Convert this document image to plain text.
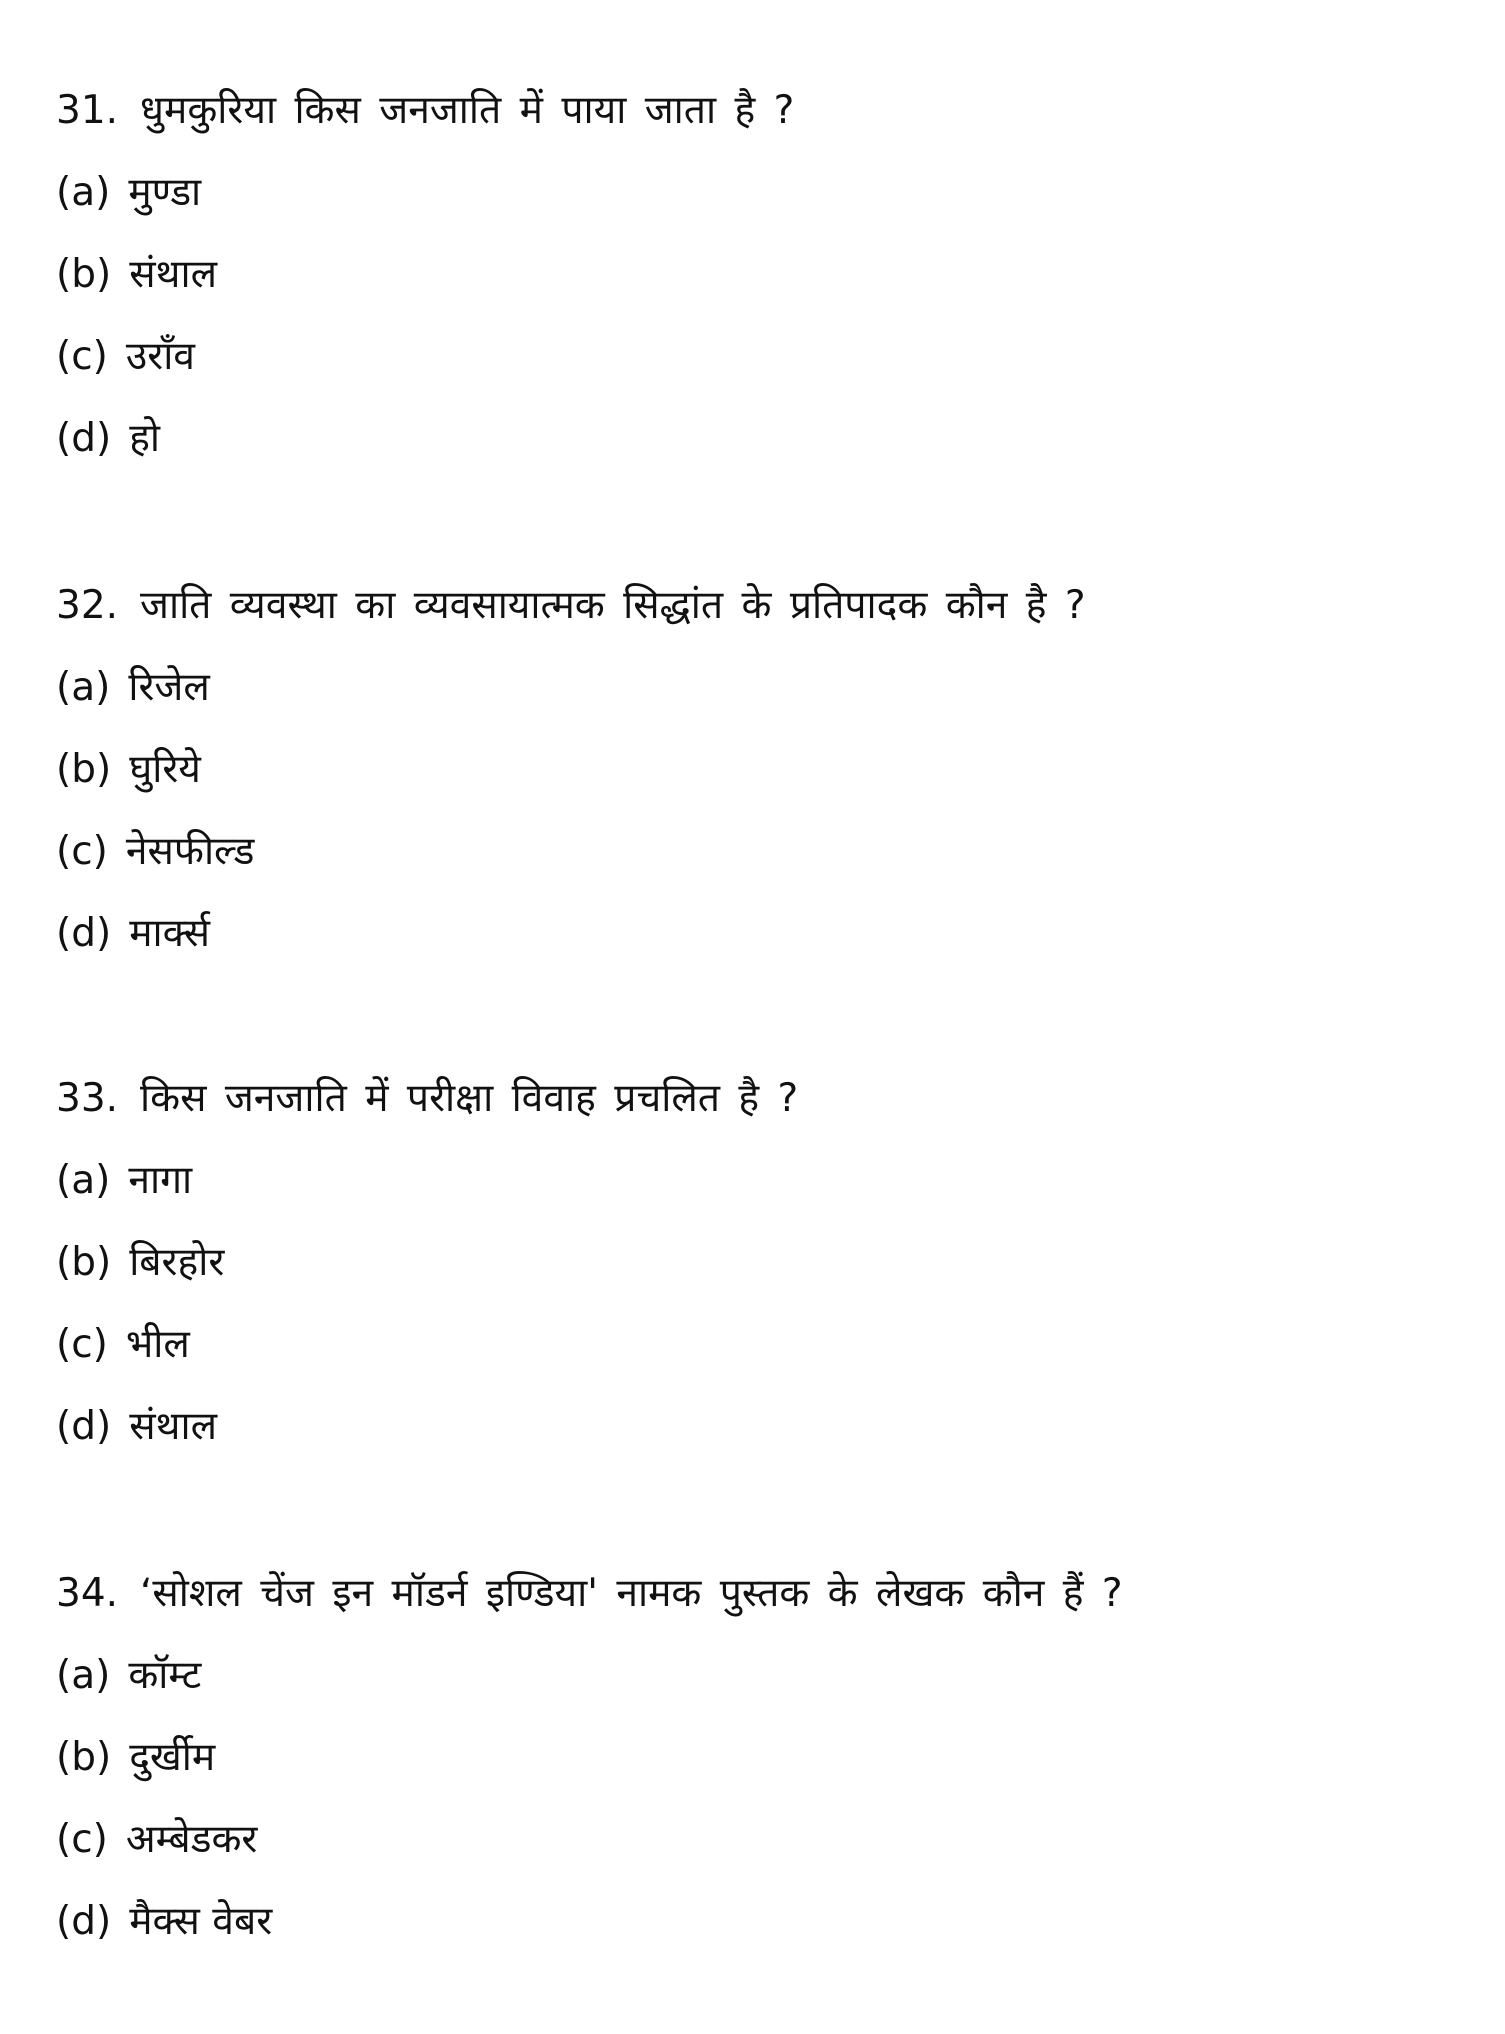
31. धुमकुरिया किस जनजाति में पाया जाता है ?
(a) मुण्डा
(b) संथाल
(c) उराँव
(d) हो
32. जाति व्यवस्था का व्यवसायात्मक सिद्धांत के प्रतिपादक कौन है ?
(a) रिजेल
(b) घुरिये
(c) नेसफील्ड
(d) मार्क्स
33. किस जनजाति में परीक्षा विवाह प्रचलित है ?
(a) नागा
(b) बिरहोर
(c) भील
(d) संथाल
34. ‘सोशल चेंज इन मॉडर्न इण्डिया' नामक पुस्तक के लेखक कौन हैं ?
(a) कॉम्ट
(b) दुर्खीम
(c) अम्बेडकर
(d) मैक्स वेबर
